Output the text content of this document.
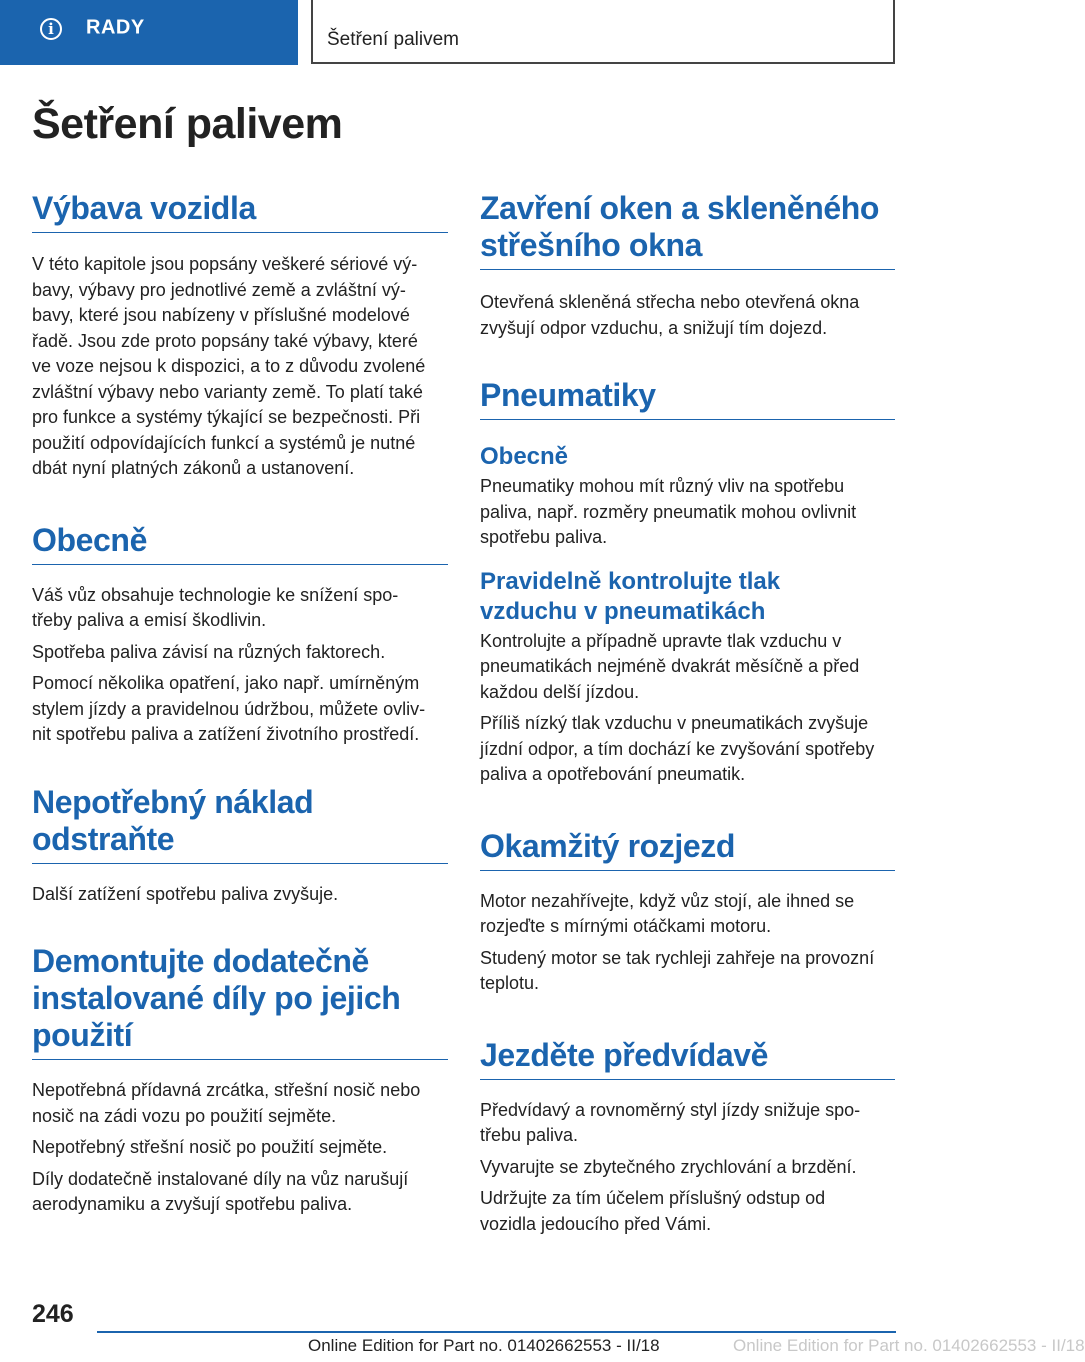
i	RADY
Šetření palivem
Šetření palivem
Výbava vozidla

V této kapitole jsou popsány veškeré sériové vý-
bavy, výbavy pro jednotlivé země a zvláštní vý-
bavy, které jsou nabízeny v příslušné modelové
řadě. Jsou zde proto popsány také výbavy, které
ve voze nejsou k dispozici, a to z důvodu zvolené
zvláštní výbavy nebo varianty země. To platí také
pro funkce a systémy týkající se bezpečnosti. Při
použití odpovídajících funkcí a systémů je nutné
dbát nyní platných zákonů a ustanovení.

Obecně

Váš vůz obsahuje technologie ke snížení spo-
třeby paliva a emisí škodlivin.

Spotřeba paliva závisí na různých faktorech.

Pomocí několika opatření, jako např. umírněným
stylem jízdy a pravidelnou údržbou, můžete ovliv-
nit spotřebu paliva a zatížení životního prostředí.

Nepotřebný náklad
odstraňte

Další zatížení spotřebu paliva zvyšuje.

Demontujte dodatečně
instalované díly po jejich
použití

Nepotřebná přídavná zrcátka, střešní nosič nebo
nosič na zádi vozu po použití sejměte.

Nepotřebný střešní nosič po použití sejměte.

Díly dodatečně instalované díly na vůz narušují
aerodynamiku a zvyšují spotřebu paliva.

Zavření oken a skleněného
střešního okna

Otevřená skleněná střecha nebo otevřená okna
zvyšují odpor vzduchu, a snižují tím dojezd.

Pneumatiky
Obecně

Pneumatiky mohou mít různý vliv na spotřebu
paliva, např. rozměry pneumatik mohou ovlivnit
spotřebu paliva.

Pravidelně kontrolujte tlak
vzduchu v pneumatikách

Kontrolujte a případně upravte tlak vzduchu v
pneumatikách nejméně dvakrát měsíčně a před
každou delší jízdou.

Příliš nízký tlak vzduchu v pneumatikách zvyšuje
jízdní odpor, a tím dochází ke zvyšování spotřeby
paliva a opotřebování pneumatik.

Okamžitý rozjezd

Motor nezahřívejte, když vůz stojí, ale ihned se
rozjeďte s mírnými otáčkami motoru.

Studený motor se tak rychleji zahřeje na provozní
teplotu.

Jezděte předvídavě

Předvídavý a rovnoměrný styl jízdy snižuje spo-
třebu paliva.

Vyvarujte se zbytečného zrychlování a brzdění.

Udržujte za tím účelem příslušný odstup od
vozidla jedoucího před Vámi.

246
Online Edition for Part no. 01402662553 - II/18	Online Edition for Part no. 01402662553 - II/18
